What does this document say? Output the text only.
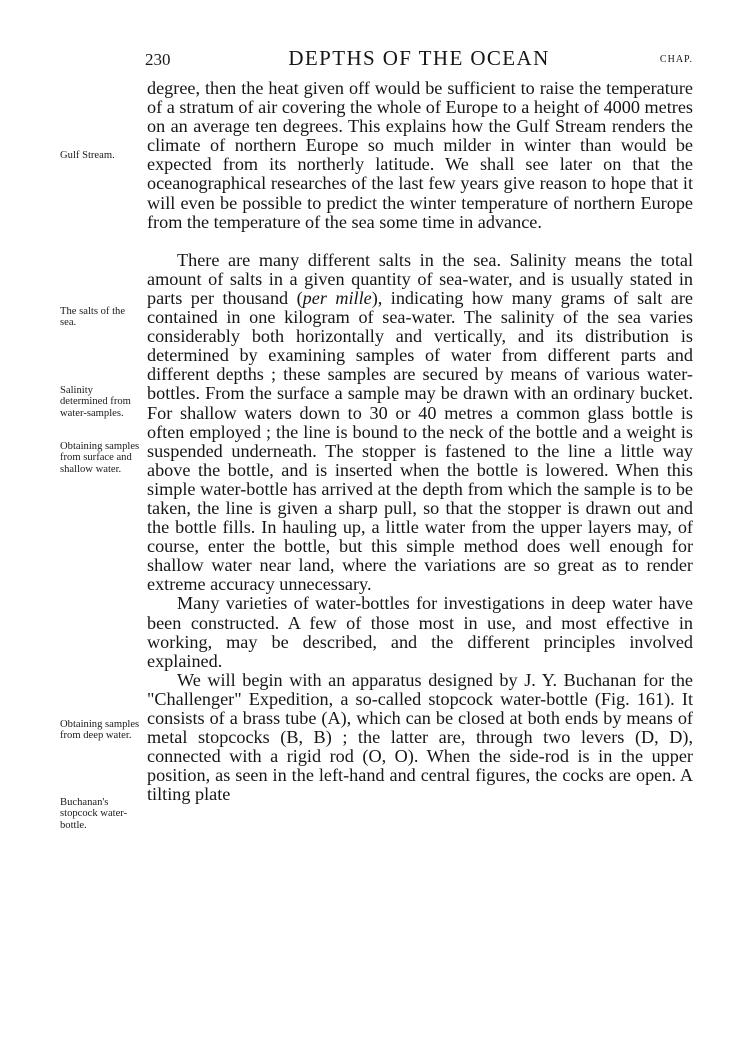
230	DEPTHS OF THE OCEAN	CHAP.
Gulf Stream.
The salts of the sea.
Salinity determined from water-samples.
Obtaining samples from surface and shallow water.
Obtaining samples from deep water.
Buchanan's stopcock water-bottle.

degree, then the heat given off would be sufficient to raise the temperature of a stratum of air covering the whole of Europe to a height of 4000 metres on an average ten degrees. This explains how the Gulf Stream renders the climate of northern Europe so much milder in winter than would be expected from its northerly latitude. We shall see later on that the oceanographical researches of the last few years give reason to hope that it will even be possible to predict the winter temperature of northern Europe from the temperature of the sea some time in advance.

There are many different salts in the sea. Salinity means the total amount of salts in a given quantity of sea-water, and is usually stated in parts per thousand (per mille), indicating how many grams of salt are contained in one kilogram of sea-water. The salinity of the sea varies considerably both horizontally and vertically, and its distribution is determined by examining samples of water from different parts and different depths ; these samples are secured by means of various water-bottles. From the surface a sample may be drawn with an ordinary bucket. For shallow waters down to 30 or 40 metres a common glass bottle is often employed ; the line is bound to the neck of the bottle and a weight is suspended underneath. The stopper is fastened to the line a little way above the bottle, and is inserted when the bottle is lowered. When this simple water-bottle has arrived at the depth from which the sample is to be taken, the line is given a sharp pull, so that the stopper is drawn out and the bottle fills. In hauling up, a little water from the upper layers may, of course, enter the bottle, but this simple method does well enough for shallow water near land, where the variations are so great as to render extreme accuracy unnecessary.

Many varieties of water-bottles for investigations in deep water have been constructed. A few of those most in use, and most effective in working, may be described, and the different principles involved explained.

We will begin with an apparatus designed by J. Y. Buchanan for the "Challenger" Expedition, a so-called stopcock water-bottle (Fig. 161). It consists of a brass tube (A), which can be closed at both ends by means of metal stopcocks (B, B) ; the latter are, through two levers (D, D), connected with a rigid rod (O, O). When the side-rod is in the upper position, as seen in the left-hand and central figures, the cocks are open. A tilting plate
